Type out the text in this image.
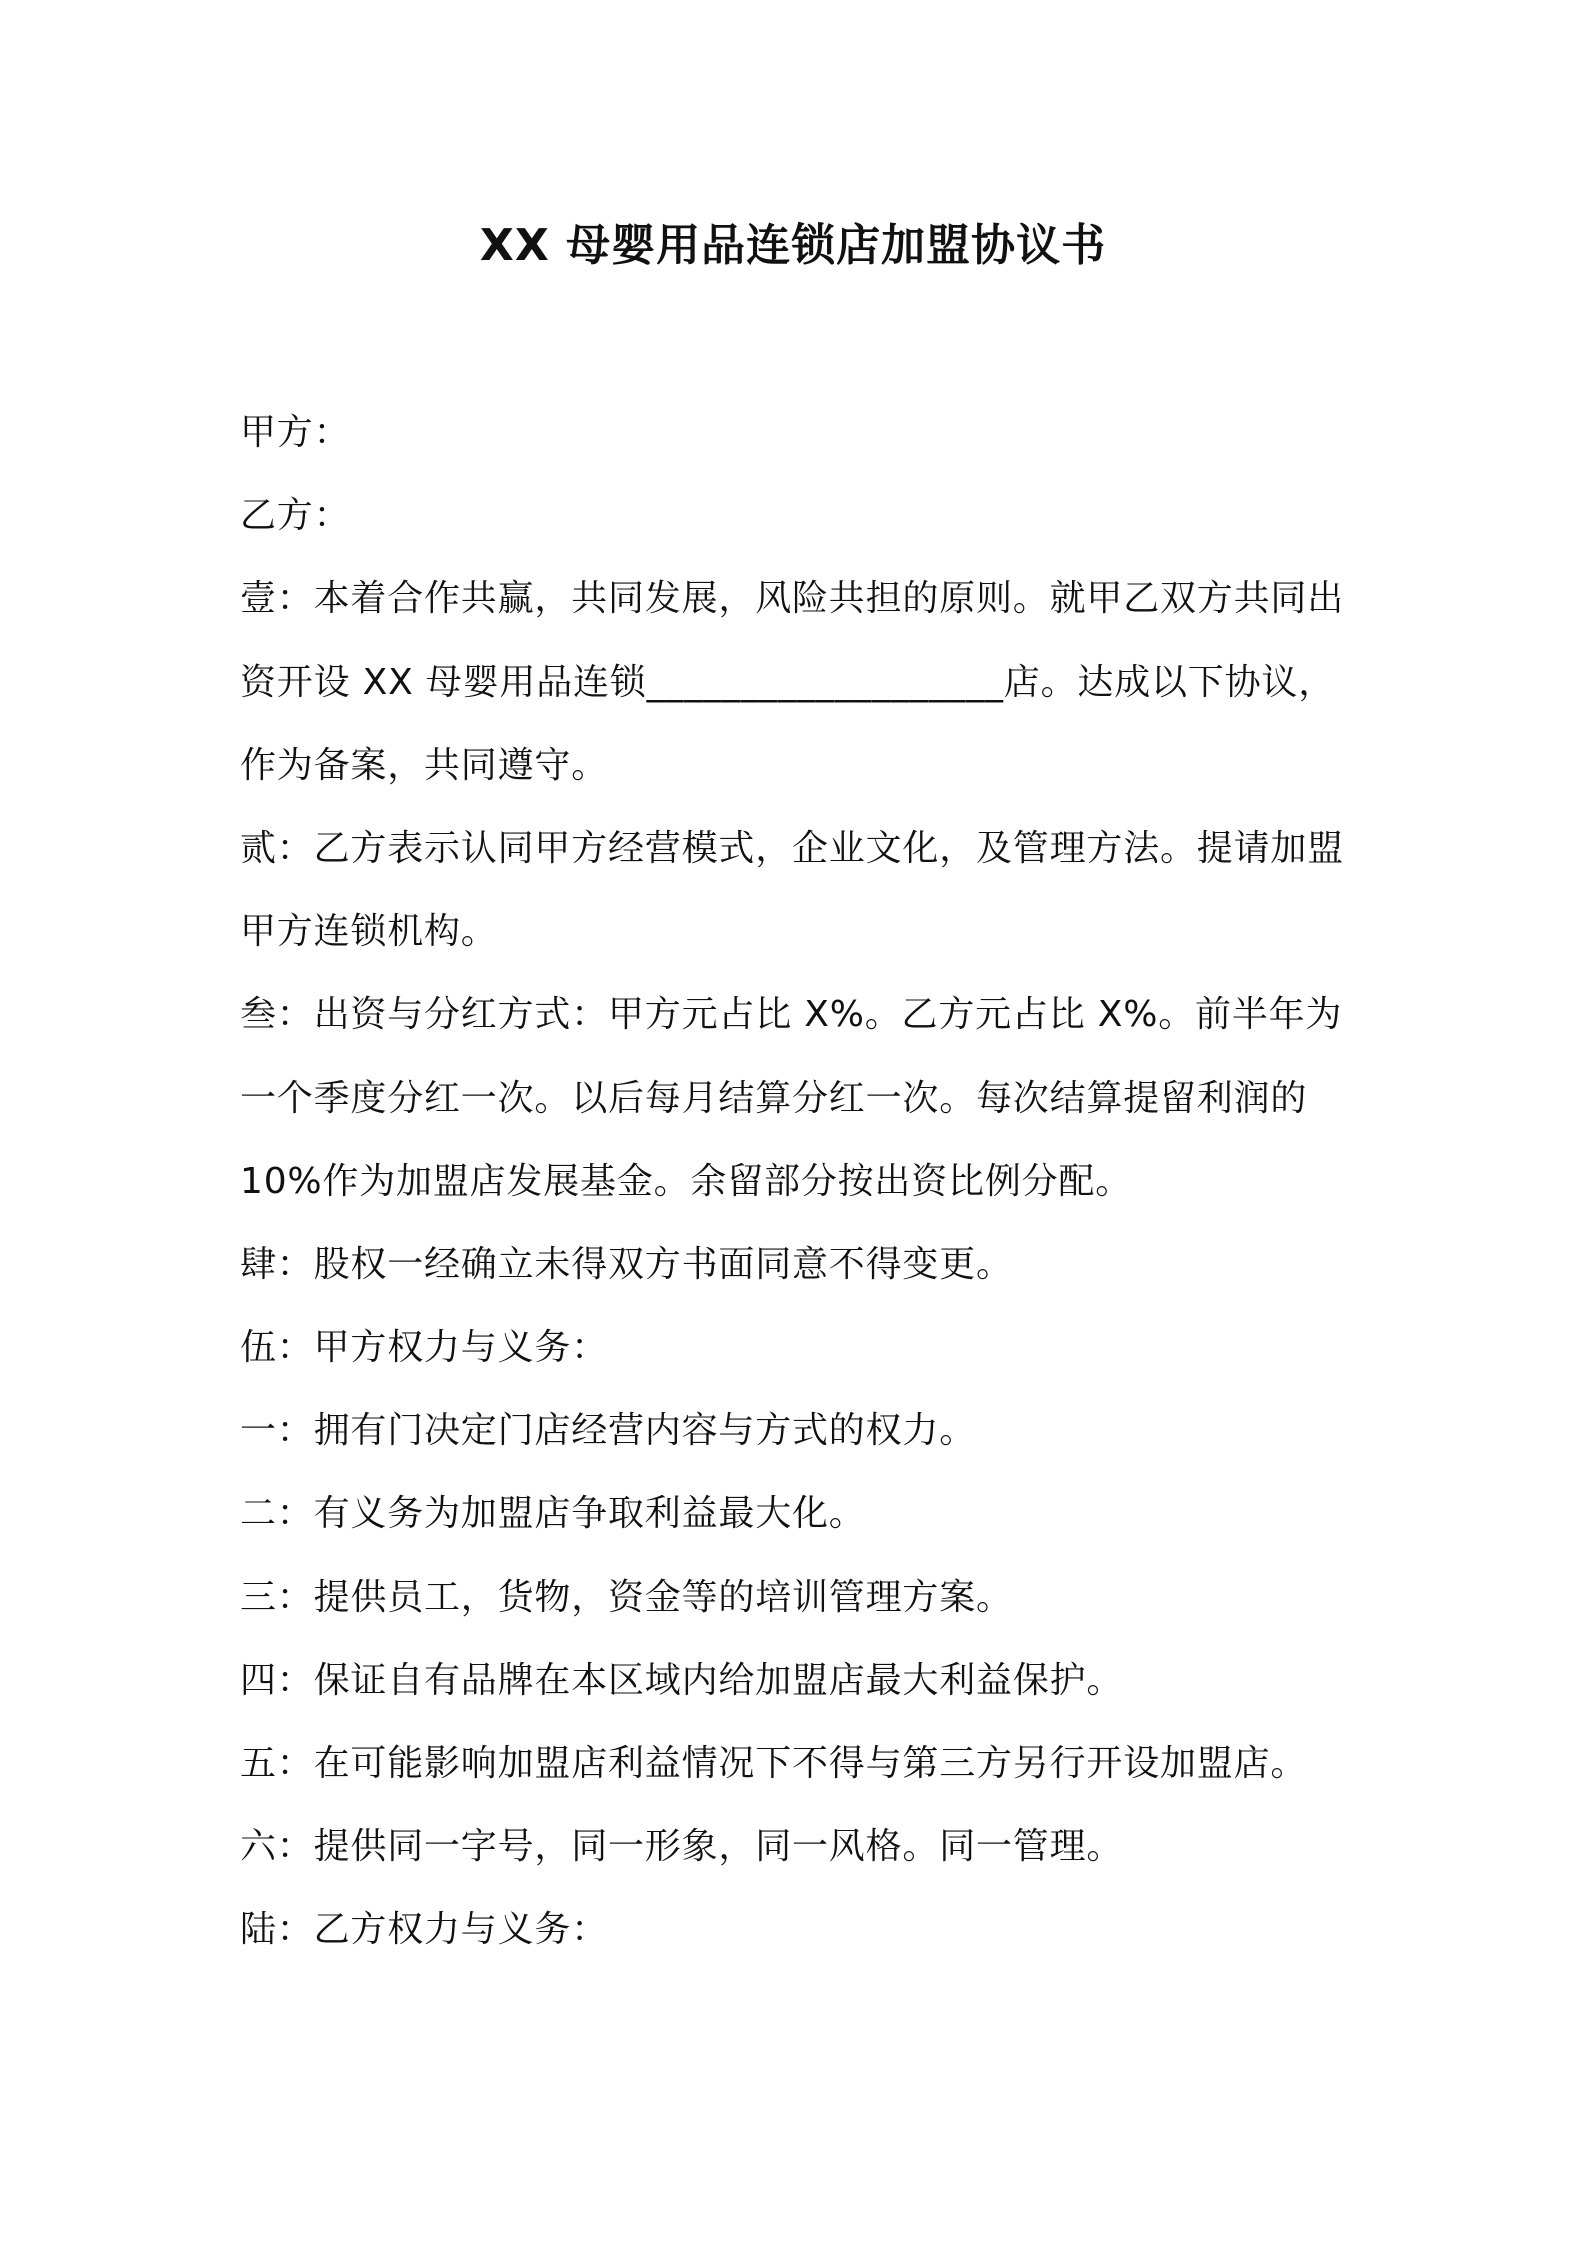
XX 母婴用品连锁店加盟协议书
甲方：
乙方：
壹：本着合作共赢，共同发展，风险共担的原则。就甲乙双方共同出
资开设 XX 母婴用品连锁___________________店。达成以下协议，
作为备案，共同遵守。
贰：乙方表示认同甲方经营模式，企业文化，及管理方法。提请加盟
甲方连锁机构。
叁：出资与分红方式：甲方元占比 X%。乙方元占比 X%。前半年为
一个季度分红一次。以后每月结算分红一次。每次结算提留利润的
10%作为加盟店发展基金。余留部分按出资比例分配。
肆：股权一经确立未得双方书面同意不得变更。
伍：甲方权力与义务：
一：拥有门决定门店经营内容与方式的权力。
二：有义务为加盟店争取利益最大化。
三：提供员工，货物，资金等的培训管理方案。
四：保证自有品牌在本区域内给加盟店最大利益保护。
五：在可能影响加盟店利益情况下不得与第三方另行开设加盟店。
六：提供同一字号，同一形象，同一风格。同一管理。
陆：乙方权力与义务：
